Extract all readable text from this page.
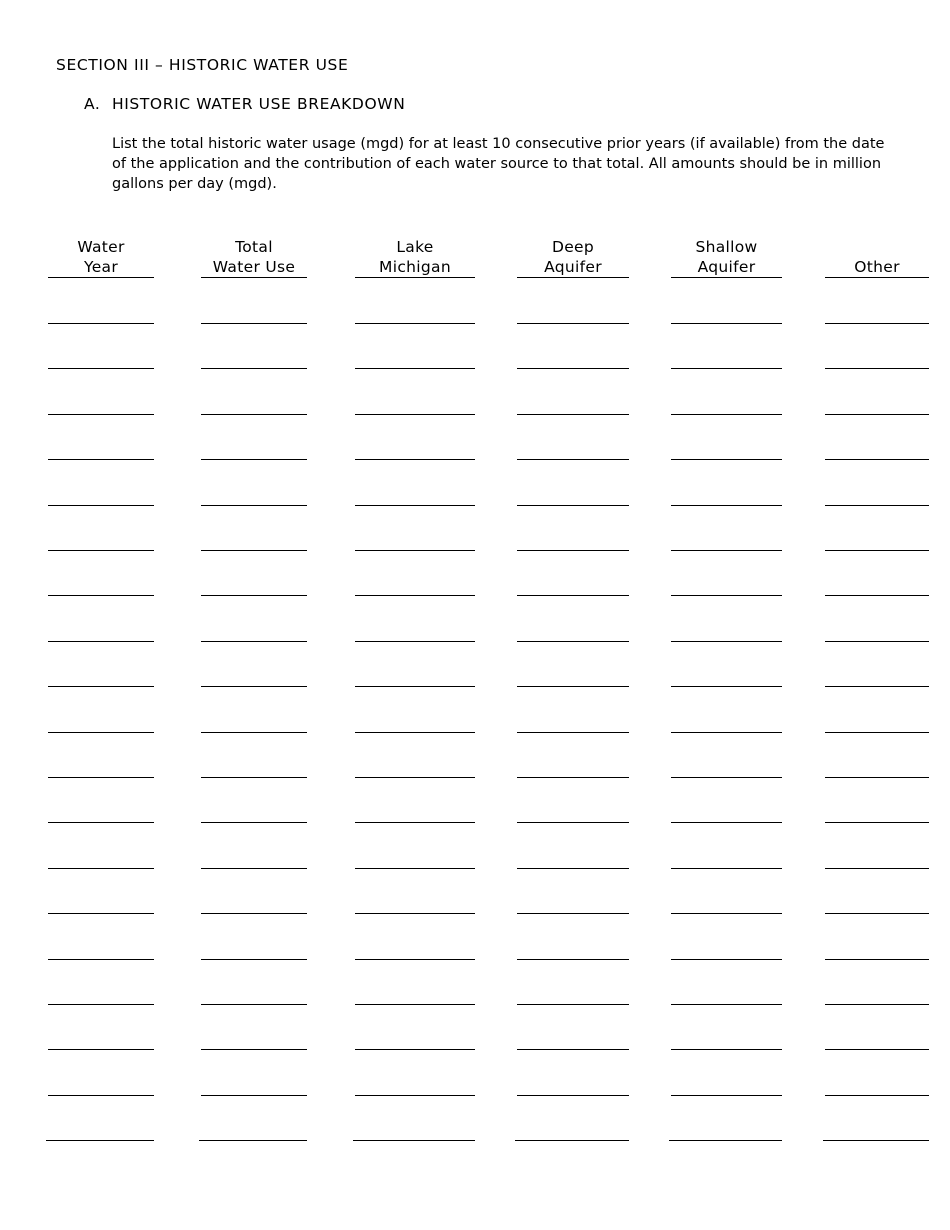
SECTION III – HISTORIC WATER USE
A. HISTORIC WATER USE BREAKDOWN
List the total historic water usage (mgd) for at least 10 consecutive prior years (if available) from the date of the application and the contribution of each water source to that total. All amounts should be in million gallons per day (mgd).
Water
Year
Total
Water Use
Lake
Michigan
Deep
Aquifer
Shallow
Aquifer	Other
